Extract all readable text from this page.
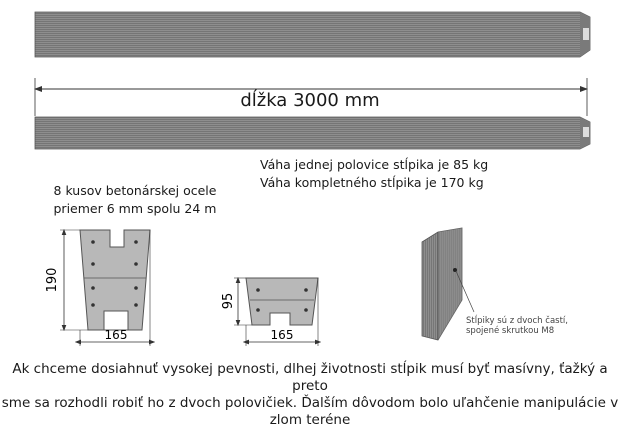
190
165
95
165
Stĺpiky sú z dvoch častí,
spojené skrutkou M8
dĺžka 3000 mm
Váha jednej polovice stĺpika je 85 kg
Váha kompletného stĺpika je 170 kg
8 kusov betonárskej ocele
priemer 6 mm spolu 24 m
Ak chceme dosiahnuť vysokej pevnosti, dlhej životnosti stĺpik musí byť masívny, ťažký a preto
sme sa rozhodli robiť ho z dvoch polovičiek. Ďalším dôvodom bolo uľahčenie manipulácie v
zlom teréne
